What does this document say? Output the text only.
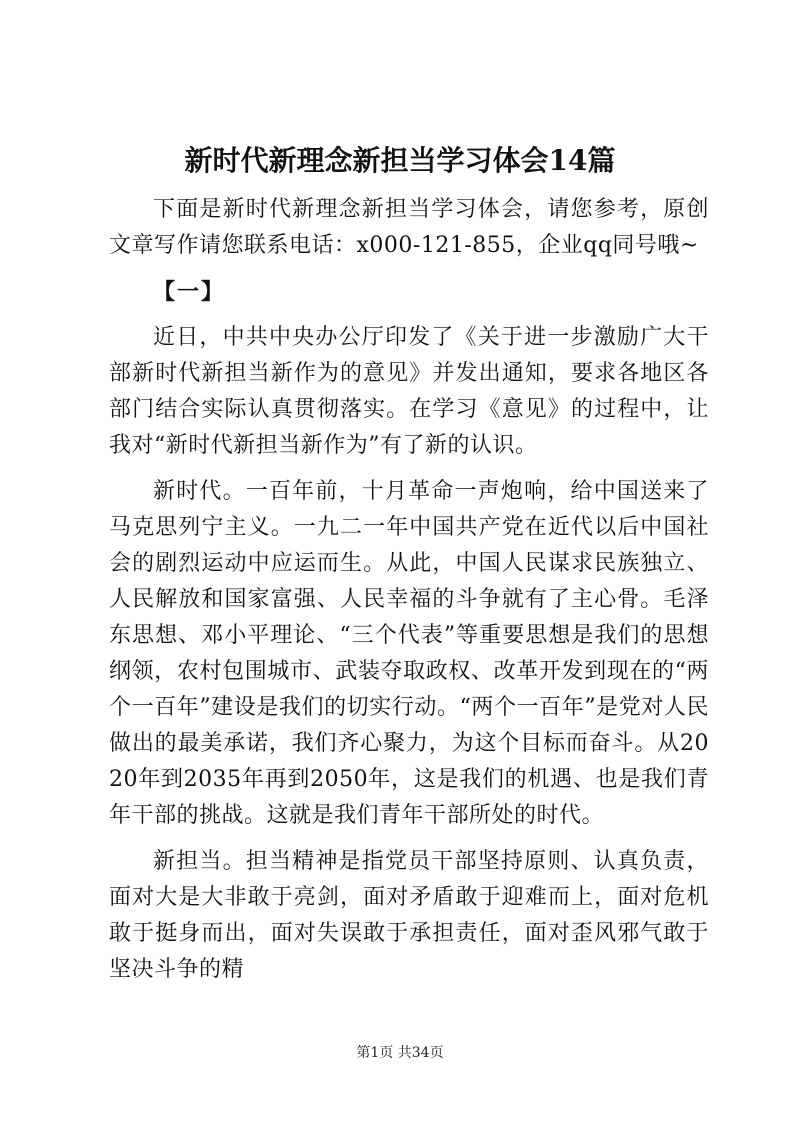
新时代新理念新担当学习体会14篇

下面是新时代新理念新担当学习体会，请您参考，原创文章写作请您联系电话：x000-121-855，企业qq同号哦~

【一】

近日，中共中央办公厅印发了《关于进一步激励广大干部新时代新担当新作为的意见》并发出通知，要求各地区各部门结合实际认真贯彻落实。在学习《意见》的过程中，让我对“新时代新担当新作为”有了新的认识。

新时代。一百年前，十月革命一声炮响，给中国送来了马克思列宁主义。一九二一年中国共产党在近代以后中国社会的剧烈运动中应运而生。从此，中国人民谋求民族独立、人民解放和国家富强、人民幸福的斗争就有了主心骨。毛泽东思想、邓小平理论、“三个代表”等重要思想是我们的思想纲领，农村包围城市、武装夺取政权、改革开发到现在的“两个一百年”建设是我们的切实行动。“两个一百年”是党对人民做出的最美承诺，我们齐心聚力，为这个目标而奋斗。从2020年到2035年再到2050年，这是我们的机遇、也是我们青年干部的挑战。这就是我们青年干部所处的时代。

新担当。担当精神是指党员干部坚持原则、认真负责，面对大是大非敢于亮剑，面对矛盾敢于迎难而上，面对危机敢于挺身而出，面对失误敢于承担责任，面对歪风邪气敢于坚决斗争的精

第1页 共34页
